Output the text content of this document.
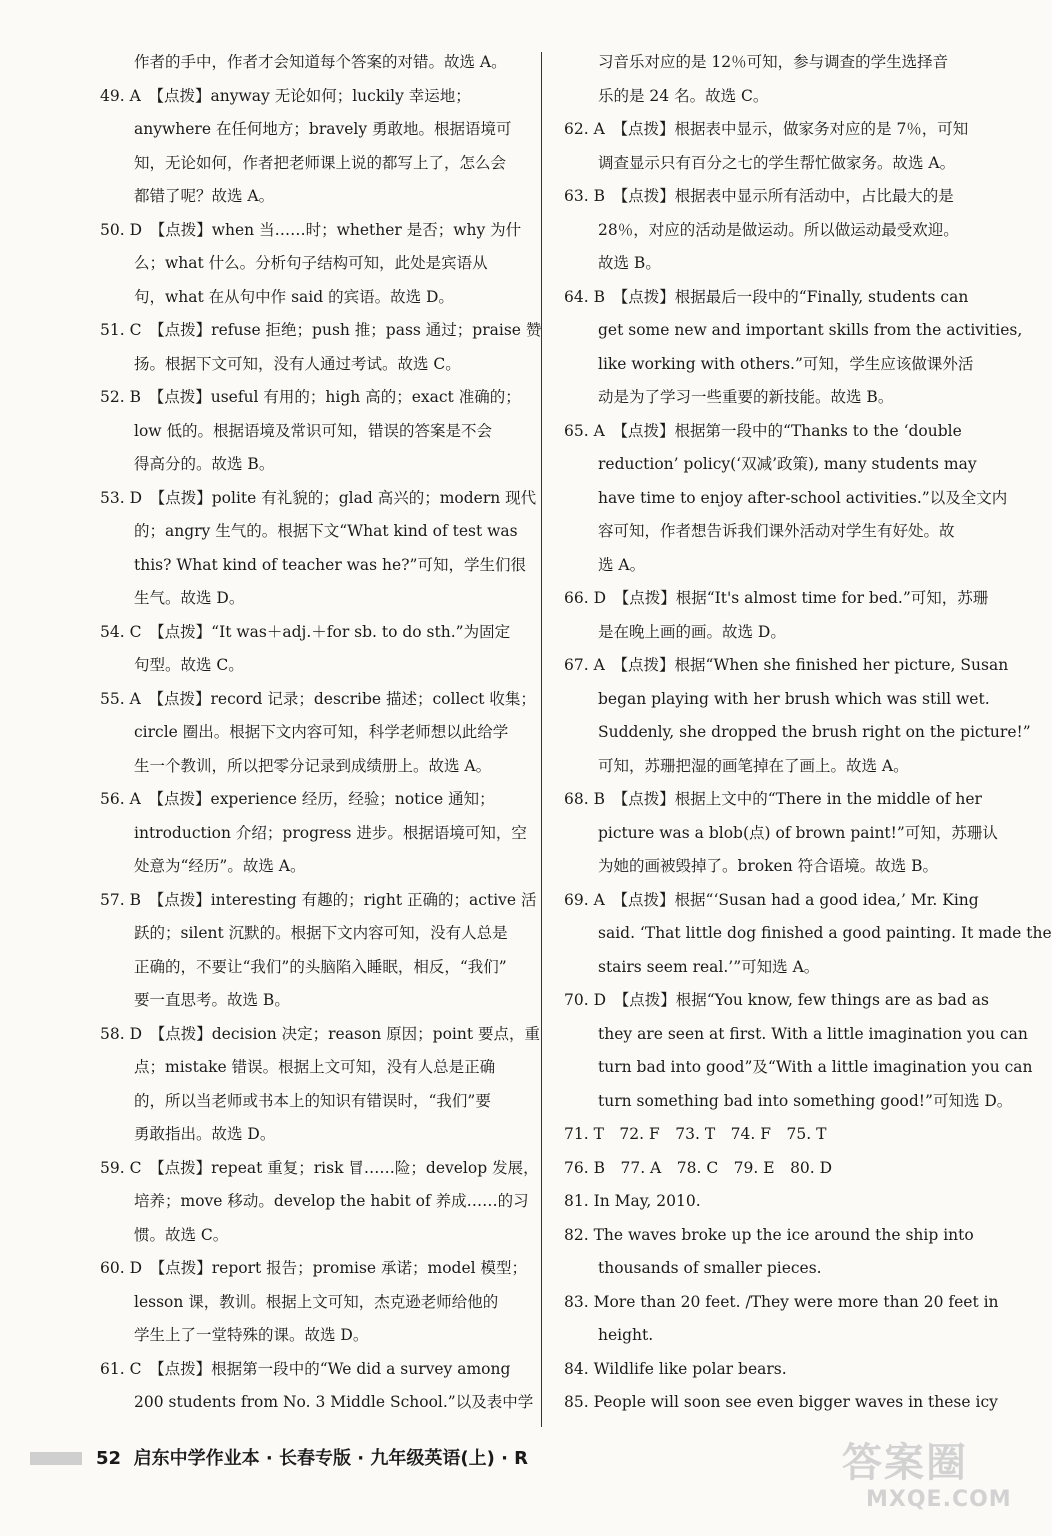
作者的手中，作者才会知道每个答案的对错。故选 A。
49. A　【点拨】anyway 无论如何；luckily 幸运地；
anywhere 在任何地方；bravely 勇敢地。根据语境可
知，无论如何，作者把老师课上说的都写上了，怎么会
都错了呢？故选 A。
50. D　【点拨】when 当……时；whether 是否；why 为什
么；what 什么。分析句子结构可知，此处是宾语从
句，what 在从句中作 said 的宾语。故选 D。
51. C　【点拨】refuse 拒绝；push 推；pass 通过；praise 赞
扬。根据下文可知，没有人通过考试。故选 C。
52. B　【点拨】useful 有用的；high 高的；exact 准确的；
low 低的。根据语境及常识可知，错误的答案是不会
得高分的。故选 B。
53. D　【点拨】polite 有礼貌的；glad 高兴的；modern 现代
的；angry 生气的。根据下文“What kind of test was
this? What kind of teacher was he?”可知，学生们很
生气。故选 D。
54. C　【点拨】“It was＋adj.＋for sb. to do sth.”为固定
句型。故选 C。
55. A　【点拨】record 记录；describe 描述；collect 收集；
circle 圈出。根据下文内容可知，科学老师想以此给学
生一个教训，所以把零分记录到成绩册上。故选 A。
56. A　【点拨】experience 经历，经验；notice 通知；
introduction 介绍；progress 进步。根据语境可知，空
处意为“经历”。故选 A。
57. B　【点拨】interesting 有趣的；right 正确的；active 活
跃的；silent 沉默的。根据下文内容可知，没有人总是
正确的，不要让“我们”的头脑陷入睡眠，相反，“我们”
要一直思考。故选 B。
58. D　【点拨】decision 决定；reason 原因；point 要点，重
点；mistake 错误。根据上文可知，没有人总是正确
的，所以当老师或书本上的知识有错误时，“我们”要
勇敢指出。故选 D。
59. C　【点拨】repeat 重复；risk 冒……险；develop 发展，
培养；move 移动。develop the habit of 养成……的习
惯。故选 C。
60. D　【点拨】report 报告；promise 承诺；model 模型；
lesson 课，教训。根据上文可知，杰克逊老师给他的
学生上了一堂特殊的课。故选 D。
61. C　【点拨】根据第一段中的“We did a survey among
200 students from No. 3 Middle School.”以及表中学
习音乐对应的是 12％可知，参与调查的学生选择音
乐的是 24 名。故选 C。
62. A　【点拨】根据表中显示，做家务对应的是 7％，可知
调查显示只有百分之七的学生帮忙做家务。故选 A。
63. B　【点拨】根据表中显示所有活动中，占比最大的是
28％，对应的活动是做运动。所以做运动最受欢迎。
故选 B。
64. B　【点拨】根据最后一段中的“Finally, students can
get some new and important skills from the activities,
like working with others.”可知，学生应该做课外活
动是为了学习一些重要的新技能。故选 B。
65. A　【点拨】根据第一段中的“Thanks to the ‘double
reduction’ policy(‘双减’政策), many students may
have time to enjoy after-school activities.”以及全文内
容可知，作者想告诉我们课外活动对学生有好处。故
选 A。
66. D　【点拨】根据“It's almost time for bed.”可知，苏珊
是在晚上画的画。故选 D。
67. A　【点拨】根据“When she finished her picture, Susan
began playing with her brush which was still wet.
Suddenly, she dropped the brush right on the picture!”
可知，苏珊把湿的画笔掉在了画上。故选 A。
68. B　【点拨】根据上文中的“There in the middle of her
picture was a blob(点) of brown paint!”可知，苏珊认
为她的画被毁掉了。broken 符合语境。故选 B。
69. A　【点拨】根据“‘Susan had a good idea,’ Mr. King
said. ‘That little dog finished a good painting. It made the
stairs seem real.’”可知选 A。
70. D　【点拨】根据“You know, few things are as bad as
they are seen at first. With a little imagination you can
turn bad into good”及“With a little imagination you can
turn something bad into something good!”可知选 D。
71. T　72. F　73. T　74. F　75. T
76. B　77. A　78. C　79. E　80. D
81. In May, 2010.
82. The waves broke up the ice around the ship into
thousands of smaller pieces.
83. More than 20 feet. /They were more than 20 feet in
height.
84. Wildlife like polar bears.
85. People will soon see even bigger waves in these icy
52 启东中学作业本 · 长春专版 · 九年级英语(上) · R	答案圈
MXQE.COM
